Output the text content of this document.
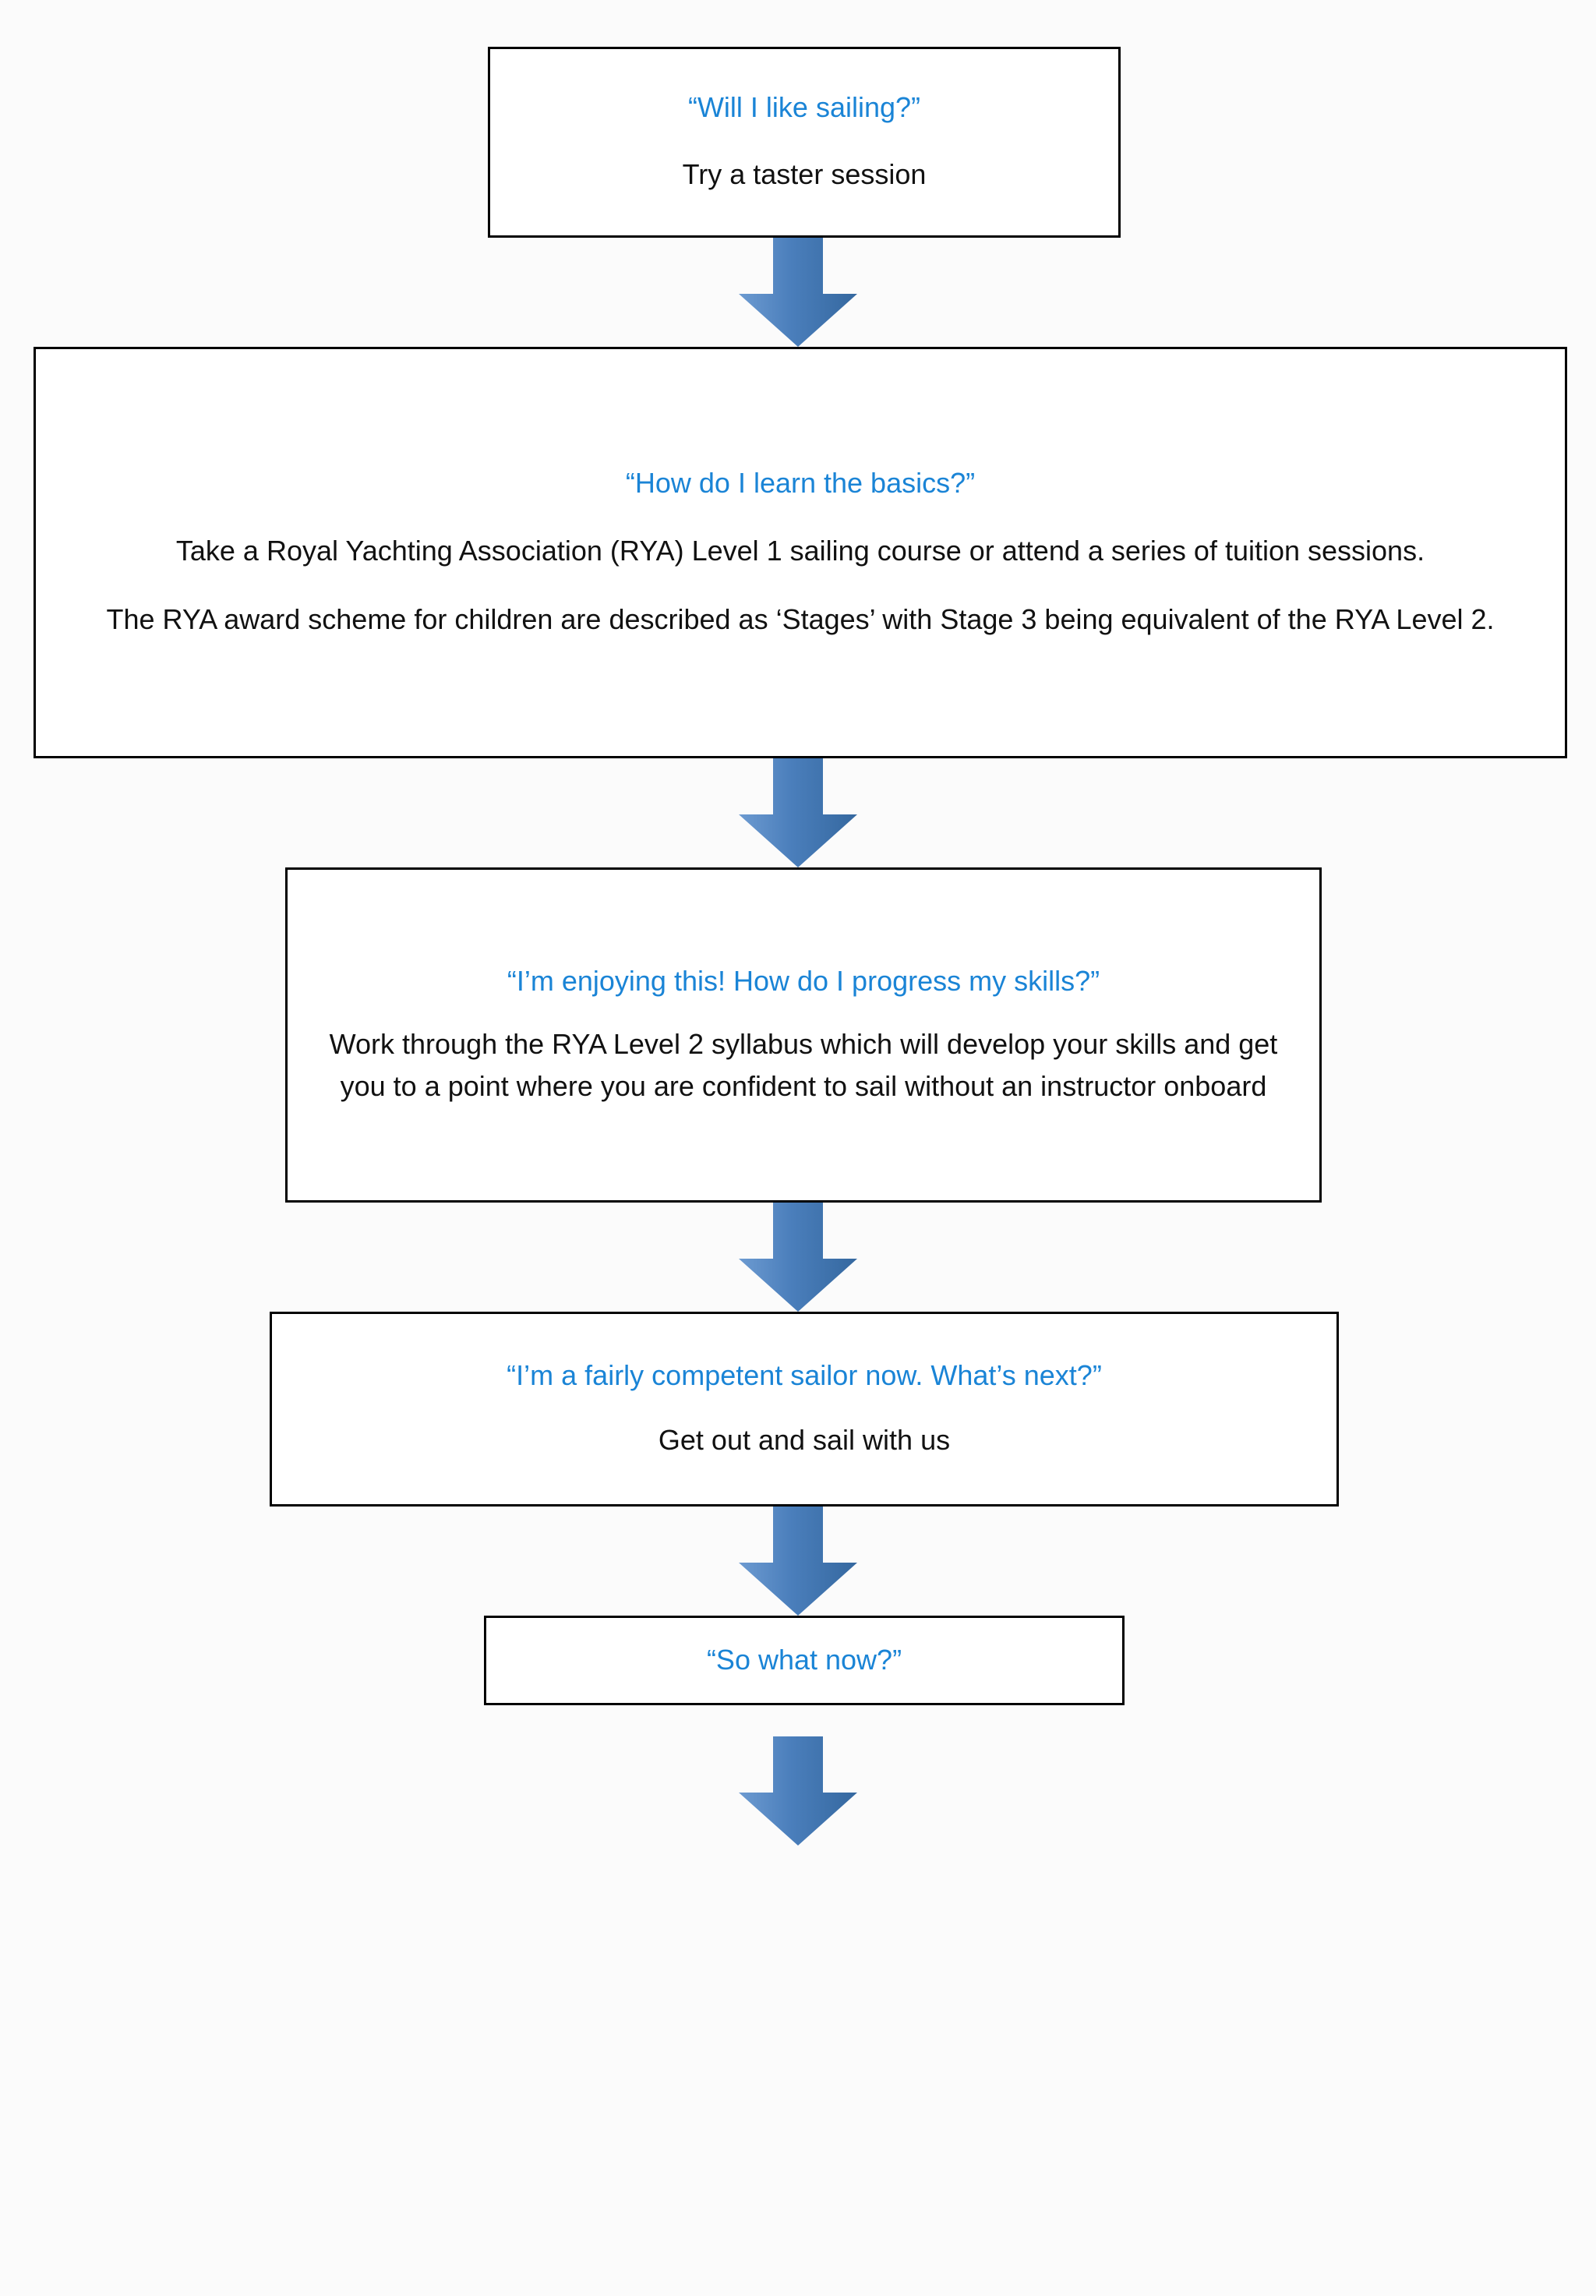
“Will I like sailing?”
Try a taster session
“How do I learn the basics?”
Take a Royal Yachting Association (RYA) Level 1 sailing course or attend a series of tuition sessions.
The RYA award scheme for children are described as ‘Stages’ with Stage 3 being equivalent of the RYA Level 2.
“I’m enjoying this! How do I progress my skills?”
Work through the RYA Level 2 syllabus which will develop your skills and get you to a point where you are confident to sail without an instructor onboard
“I’m a fairly competent sailor now. What’s next?”
Get out and sail with us
“So what now?”
